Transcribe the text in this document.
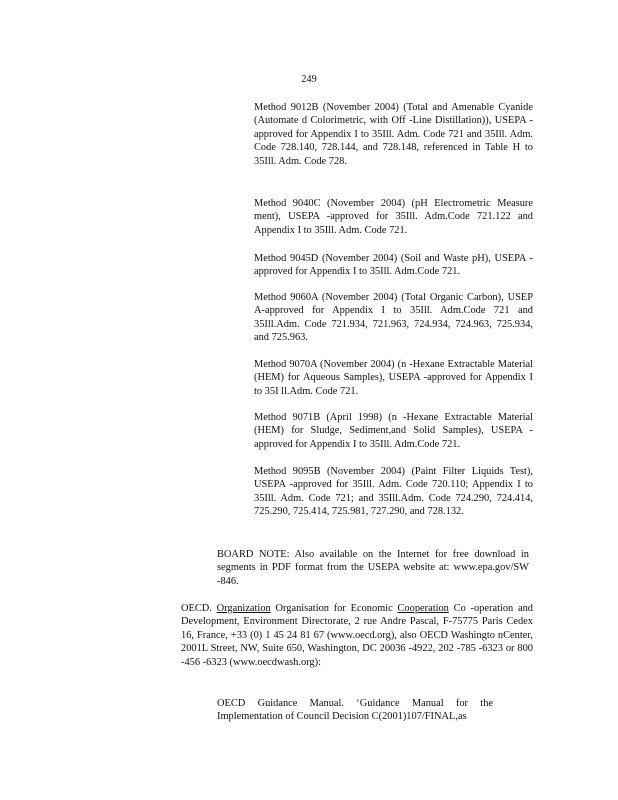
249
Method 9012B (November 2004) (Total and Amenable Cyanide (Automate d Colorimetric, with Off -Line Distillation)), USEPA -approved for Appendix I to 35Ill. Adm. Code 721 and 35Ill. Adm. Code 728.140, 728.144, and 728.148, referenced in Table H to 35Ill. Adm. Code 728.
Method 9040C (November 2004) (pH Electrometric Measure ment), USEPA -approved for 35Ill. Adm.Code 721.122 and Appendix I to 35Ill. Adm. Code 721.
Method 9045D (November 2004) (Soil and Waste pH), USEPA -approved for Appendix I to 35Ill. Adm.Code 721.
Method 9060A (November 2004) (Total Organic Carbon), USEP A-approved for Appendix I to 35Ill. Adm.Code 721 and 35Ill.Adm. Code 721.934, 721.963, 724.934, 724.963, 725.934, and 725.963.
Method 9070A (November 2004) (n -Hexane Extractable Material (HEM) for Aqueous Samples), USEPA -approved for Appendix I to 35I ll.Adm. Code 721.
Method 9071B (April 1998) (n -Hexane Extractable Material (HEM) for Sludge, Sediment,and Solid Samples), USEPA -approved for Appendix I to 35Ill. Adm.Code 721.
Method 9095B (November 2004) (Paint Filter Liquids Test), USEPA -approved for 35Ill. Adm. Code 720.110; Appendix I to 35Ill. Adm. Code 721; and 35Ill.Adm. Code 724.290, 724.414, 725.290, 725.414, 725.981, 727.290, and 728.132.
BOARD NOTE: Also available on the Internet for free download in segments in PDF format from the USEPA website at: www.epa.gov/SW -846.
OECD. Organization Organisation for Economic Cooperation Co -operation and Development, Environment Directorate, 2 rue Andre Pascal, F-75775 Paris Cedex 16, France, +33 (0) 1 45 24 81 67 (www.oecd.org), also OECD Washingto nCenter, 2001L Street, NW, Suite 650, Washington, DC 20036 -4922, 202 -785 -6323 or 800 -456 -6323 (www.oecdwash.org):
OECD Guidance Manual. ‘Guidance Manual for the Implementation of Council Decision C(2001)107/FINAL,as
